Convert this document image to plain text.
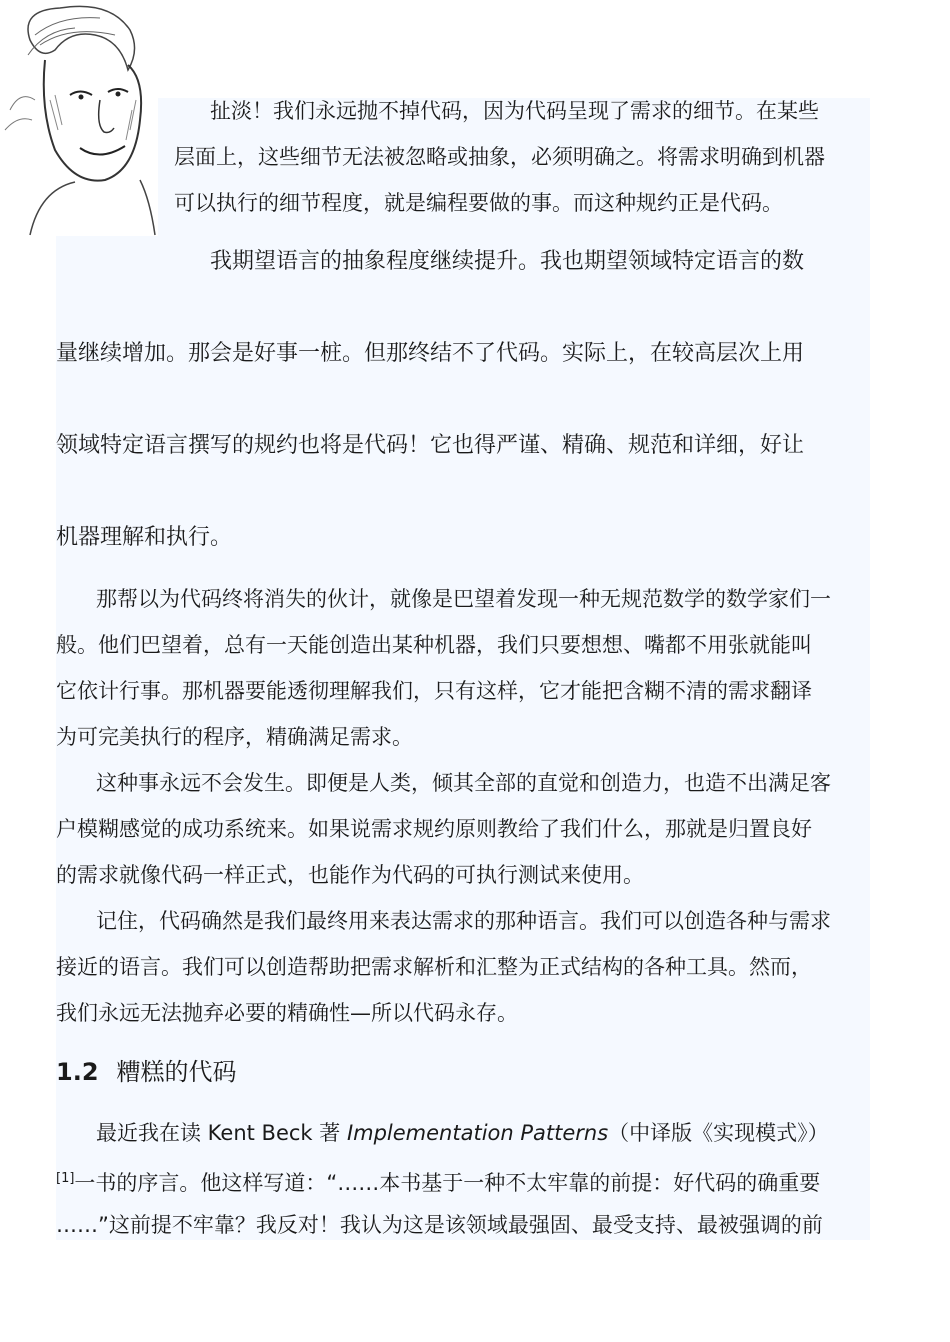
扯淡！我们永远抛不掉代码，因为代码呈现了需求的细节。在某些

层面上，这些细节无法被忽略或抽象，必须明确之。将需求明确到机器

可以执行的细节程度，就是编程要做的事。而这种规约正是代码。

我期望语言的抽象程度继续提升。我也期望领域特定语言的数

量继续增加。那会是好事一桩。但那终结不了代码。实际上，在较高层次上用

领域特定语言撰写的规约也将是代码！它也得严谨、精确、规范和详细，好让

机器理解和执行。

那帮以为代码终将消失的伙计，就像是巴望着发现一种无规范数学的数学家们一

般。他们巴望着，总有一天能创造出某种机器，我们只要想想、嘴都不用张就能叫

它依计行事。那机器要能透彻理解我们，只有这样，它才能把含糊不清的需求翻译

为可完美执行的程序，精确满足需求。

这种事永远不会发生。即便是人类，倾其全部的直觉和创造力，也造不出满足客

户模糊感觉的成功系统来。如果说需求规约原则教给了我们什么，那就是归置良好

的需求就像代码一样正式，也能作为代码的可执行测试来使用。

记住，代码确然是我们最终用来表达需求的那种语言。我们可以创造各种与需求

接近的语言。我们可以创造帮助把需求解析和汇整为正式结构的各种工具。然而，

我们永远无法抛弃必要的精确性—所以代码永存。

1.2 糟糕的代码

最近我在读 Kent Beck 著 Implementation Patterns（中译版《实现模式》）

[1]一书的序言。他这样写道：“……本书基于一种不太牢靠的前提：好代码的确重要

……”这前提不牢靠？我反对！我认为这是该领域最强固、最受支持、最被强调的前
